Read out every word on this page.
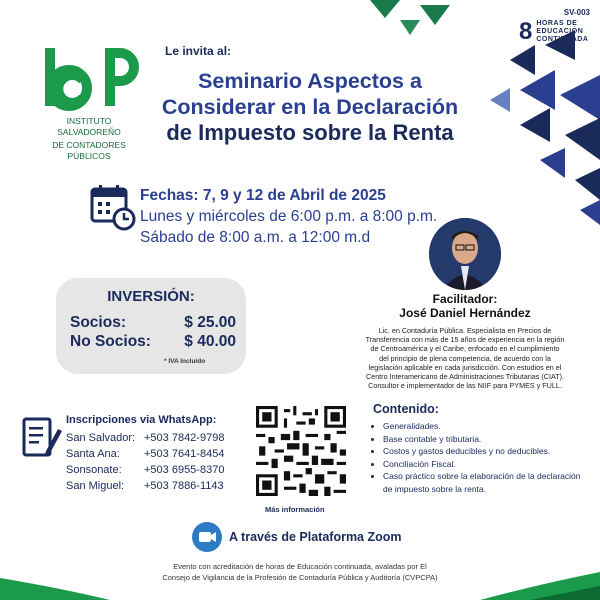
SV-003
8 HORAS DE
EDUCACIÓN
CONTINUADA
INSTITUTO SALVADOREÑO
DE CONTADORES PÚBLICOS
Le invita al:
Seminario Aspectos a
Considerar en la Declaración
de Impuesto sobre la Renta
Fechas: 7, 9 y 12 de Abril de 2025
Lunes y miércoles de 6:00 p.m. a 8:00 p.m.
Sábado de 8:00 a.m. a 12:00 m.d
Facilitador:
José Daniel Hernández
Lic. en Contaduría Pública. Especialista en Precios de Transferencia con más de 15 años de experiencia en la región de Centroamérica y el Caribe, enfocado en el cumplimiento del principio de plena competencia, de acuerdo con la legislación aplicable en cada jurisdicción. Con estudios en el Centro Interamericano de Administraciones Tributarias (CIAT). Consultor e implementador de las NIIF para PYMES y FULL.
INVERSIÓN:
Socios:	$ 25.00
No Socios: $ 40.00
* IVA Incluido
Inscripciones via WhatsApp:
San Salvador: +503 7842-9798
Santa Ana:	+503 7641-8454
Sonsonate:	+503 6955-8370
San Miguel:	+503 7886-1143
Más información
Contenido:
• Generalidades.
• Base contable y tributaria.
• Costos y gastos deducibles y no deducibles.
• Conciliación Fiscal.
• Caso práctico sobre la elaboración de la declaración de impuesto sobre la renta.
A través de Plataforma Zoom
Evento con acreditación de horas de Educación continuada, avaladas por El
Consejo de Vigilancia de la Profesión de Contaduría Pública y Auditoría (CVPCPA)
